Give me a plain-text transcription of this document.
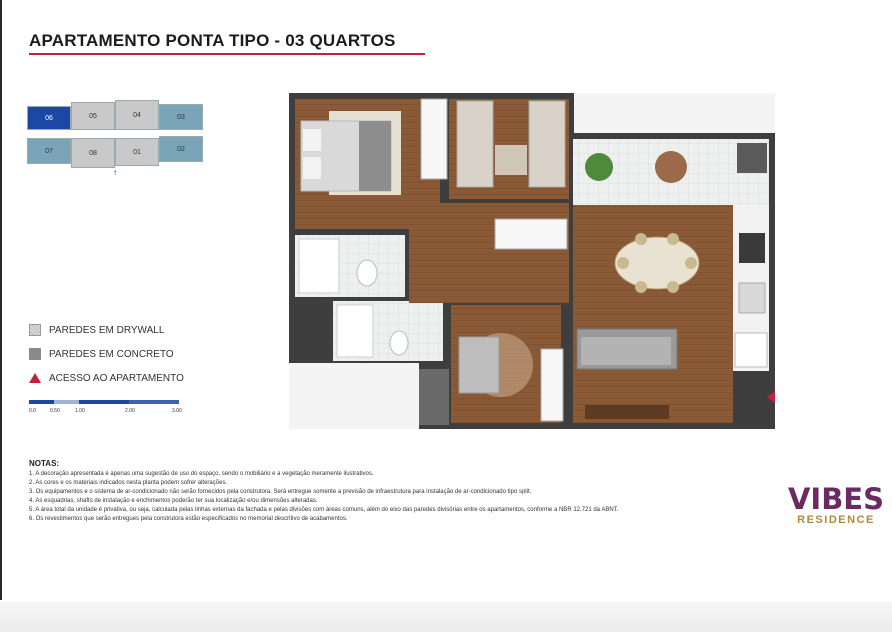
APARTAMENTO PONTA TIPO - 03 QUARTOS
06	05	04	03
07	08	01	02
↑
PAREDES EM DRYWALL
PAREDES EM CONCRETO
ACESSO AO APARTAMENTO
0.0	0.50	1.00	2.00	3.00
NOTAS:
1. A decoração apresentada é apenas uma sugestão de uso do espaço, sendo o mobiliário e a vegetação meramente ilustrativos.
2. As cores e os materiais indicados nesta planta podem sofrer alterações.
3. Os equipamentos e o sistema de ar-condicionado não serão fornecidos pela construtora. Será entregue somente a previsão de infraestrutura para instalação de ar-condicionado tipo split.
4. As esquadrias, shafts de instalação e enchimentos poderão ter sua localização e/ou dimensões alteradas.
5. A área total da unidade é privativa, ou seja, calculada pelas linhas externas da fachada e pelas divisões com áreas comuns, além do eixo das paredes divisórias entre os apartamentos, conforme a NBR 12.721 da ABNT.
6. Os revestimentos que serão entregues pela construtora estão especificados no memorial descritivo de acabamentos.
VIBES
RESIDENCE
